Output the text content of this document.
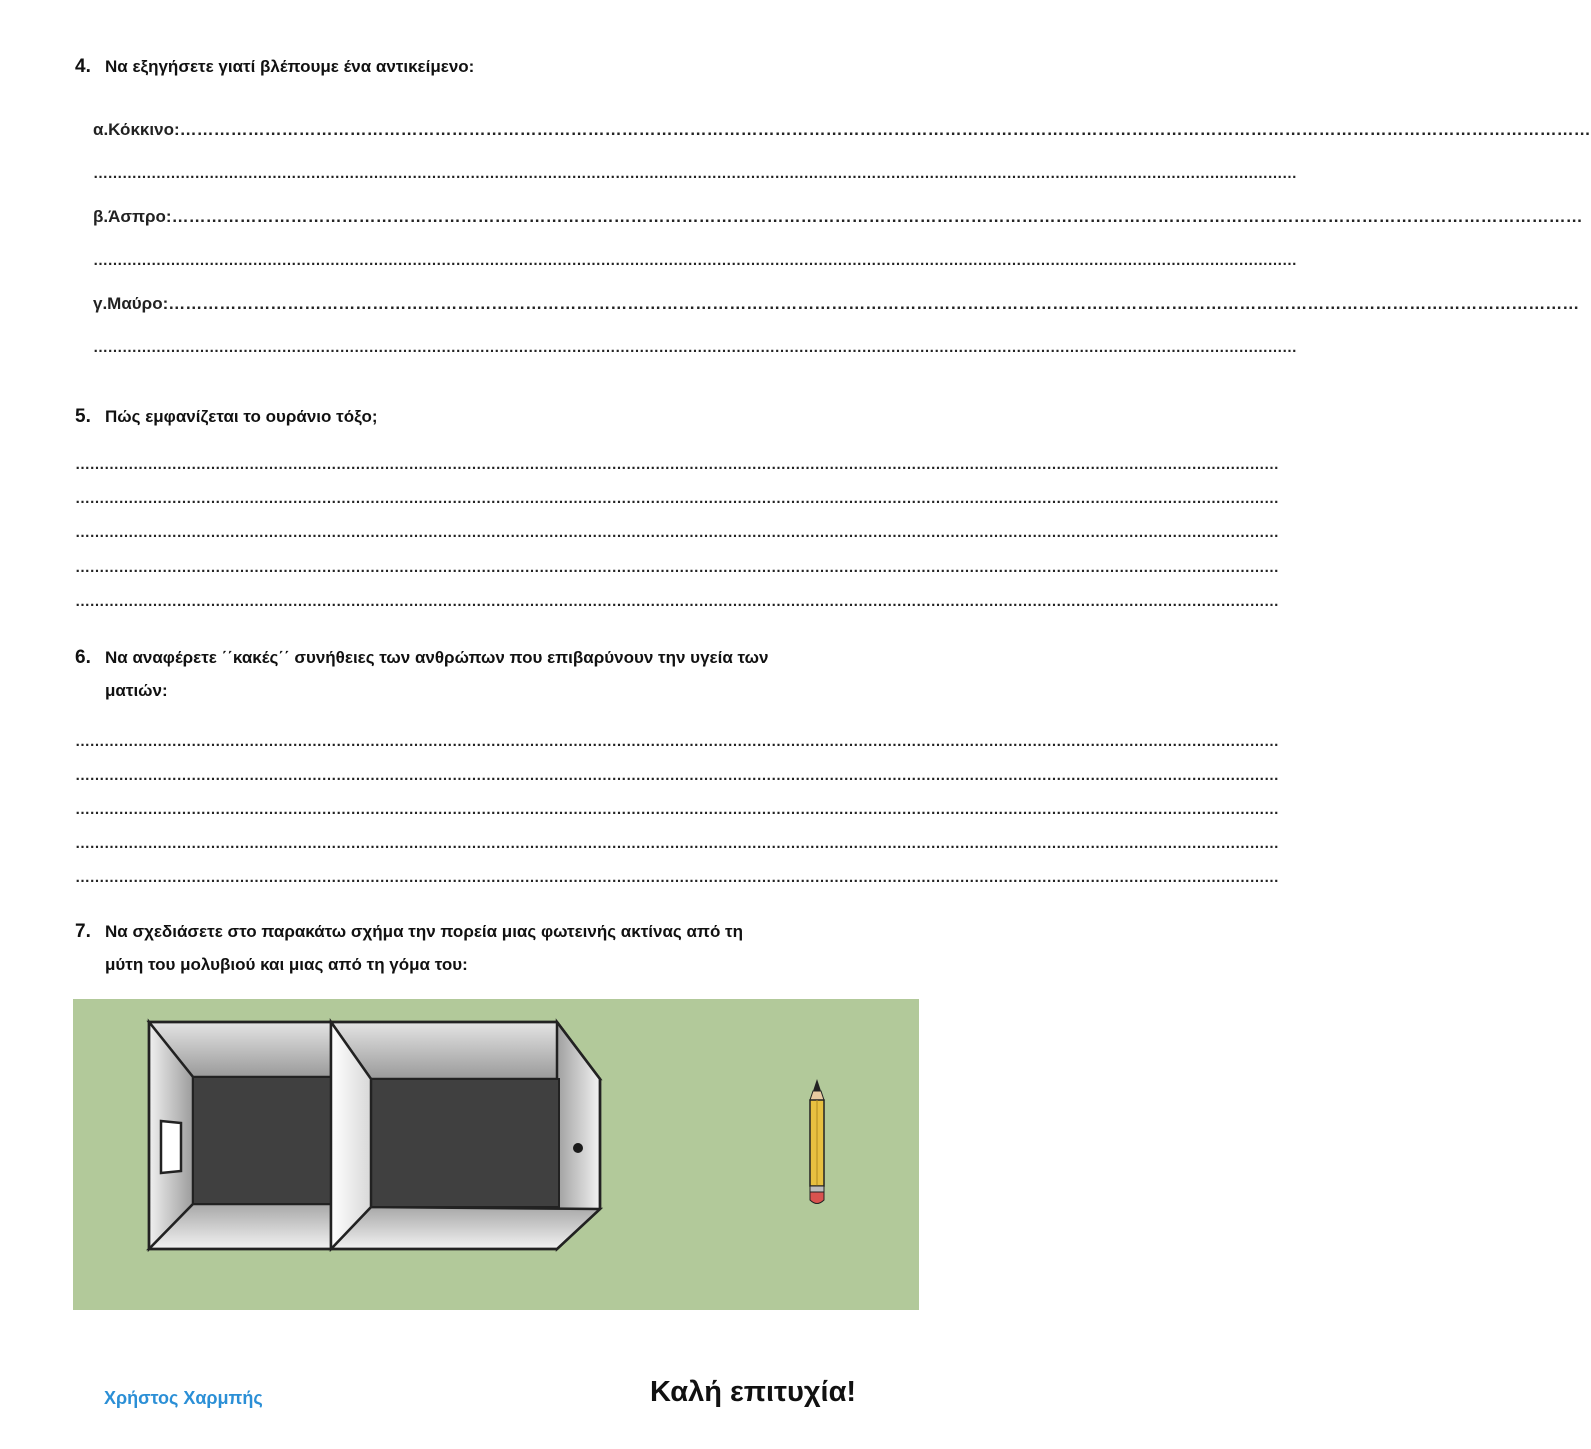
4. Να εξηγήσετε γιατί βλέπουμε ένα αντικείμενο:
α.Κόκκινο:……………………………………………………………………………………………………………………………………………………………………………………………………………………………
……………………………………………………………………………………………………………………………………………………………………………………………………………………………
β.Άσπρο:……………………………………………………………………………………………………………………………………………………………………………………………………………………………
……………………………………………………………………………………………………………………………………………………………………………………………………………………………
γ.Μαύρο:……………………………………………………………………………………………………………………………………………………………………………………………………………………………
……………………………………………………………………………………………………………………………………………………………………………………………………………………………
5. Πώς εμφανίζεται το ουράνιο τόξο;
……………………………………………………………………………………………………………………………………………………………………………………………………………………………
……………………………………………………………………………………………………………………………………………………………………………………………………………………………
……………………………………………………………………………………………………………………………………………………………………………………………………………………………
……………………………………………………………………………………………………………………………………………………………………………………………………………………………
……………………………………………………………………………………………………………………………………………………………………………………………………………………………
6. Να αναφέρετε ΄΄κακές΄΄ συνήθειες των ανθρώπων που επιβαρύνουν την υγεία των
ματιών:
……………………………………………………………………………………………………………………………………………………………………………………………………………………………
……………………………………………………………………………………………………………………………………………………………………………………………………………………………
……………………………………………………………………………………………………………………………………………………………………………………………………………………………
……………………………………………………………………………………………………………………………………………………………………………………………………………………………
……………………………………………………………………………………………………………………………………………………………………………………………………………………………
7. Να σχεδιάσετε στο παρακάτω σχήμα την πορεία μιας φωτεινής ακτίνας από τη
μύτη του μολυβιού και μιας από τη γόμα του:
Χρήστος Χαρμπής	Καλή επιτυχία!
